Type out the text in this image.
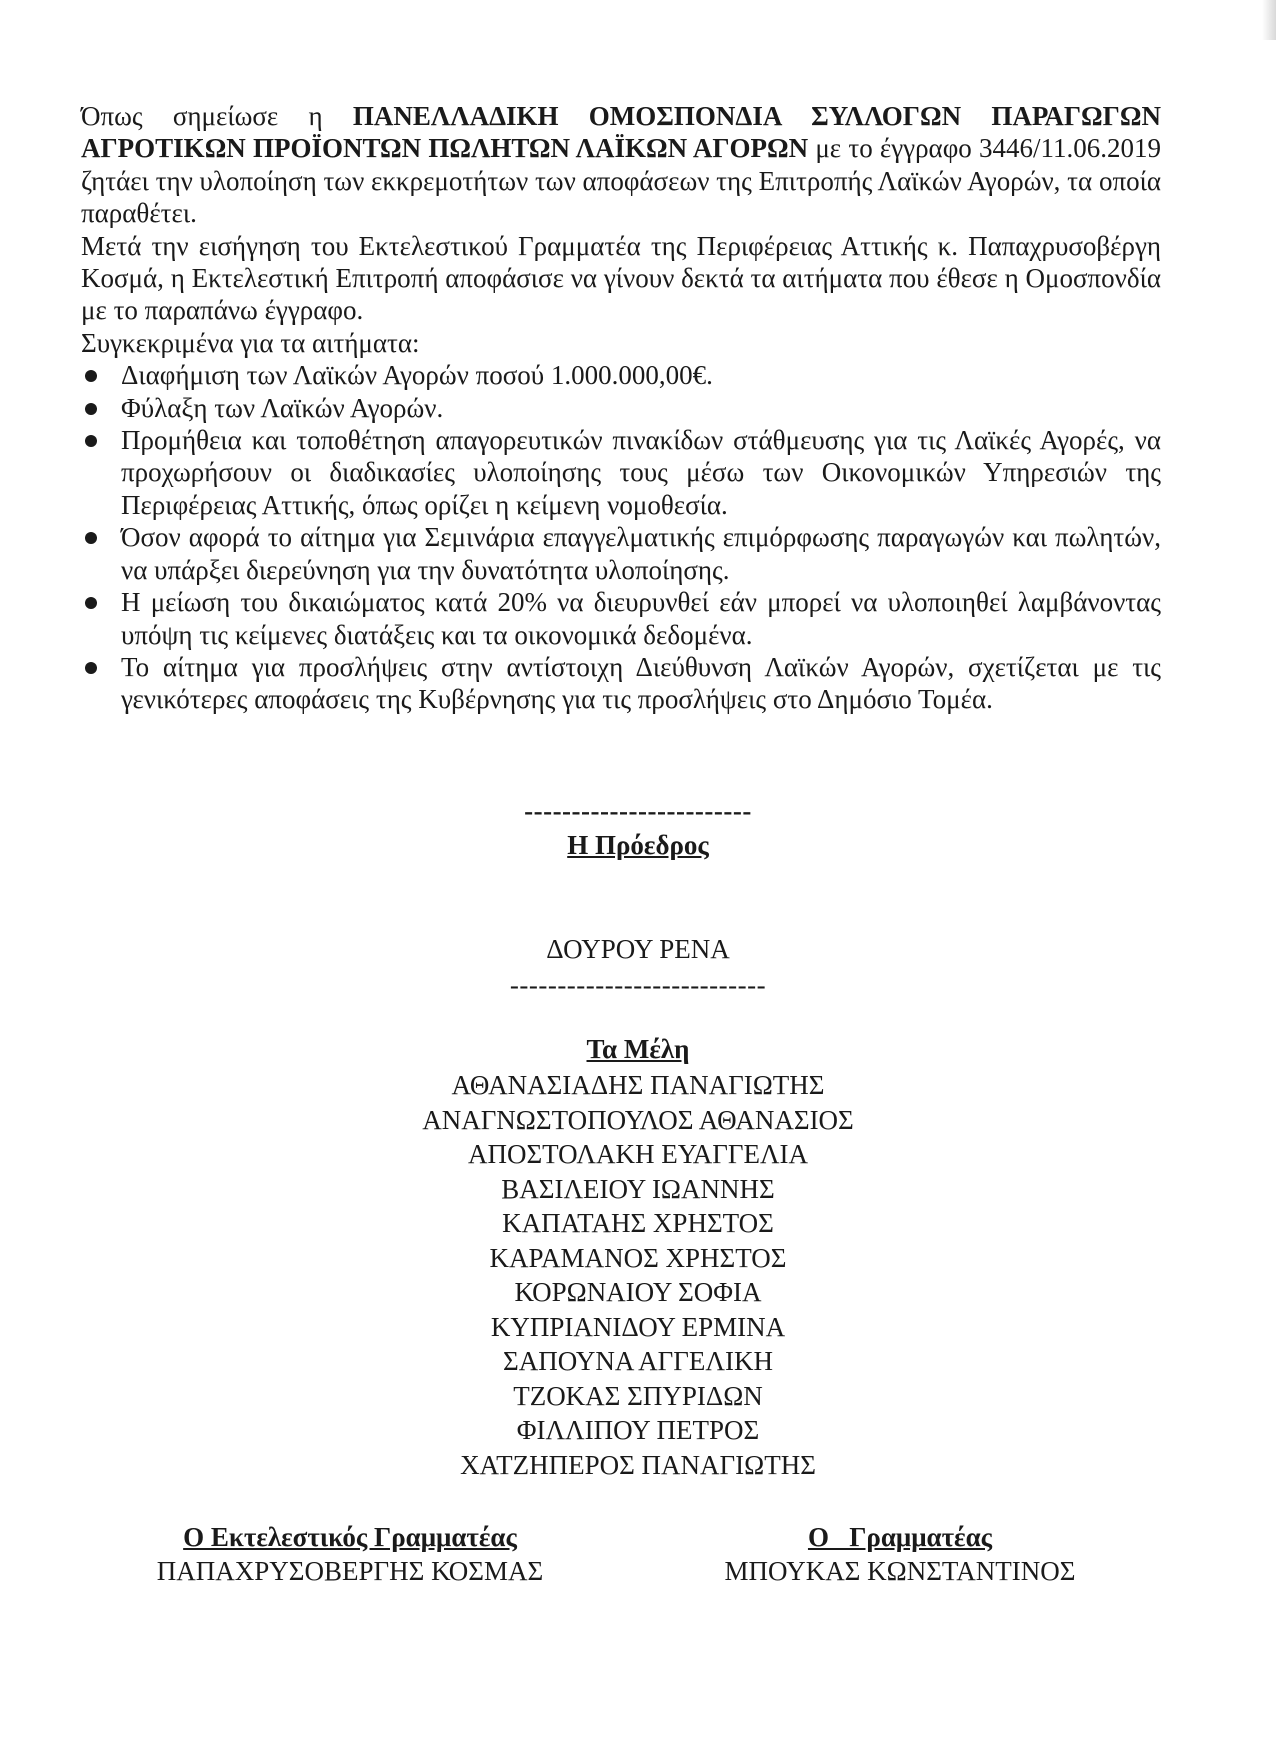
Όπως σημείωσε η ΠΑΝΕΛΛΑΔΙΚΗ ΟΜΟΣΠΟΝΔΙΑ ΣΥΛΛΟΓΩΝ ΠΑΡΑΓΩΓΩΝ ΑΓΡΟΤΙΚΩΝ ΠΡΟΪΟΝΤΩΝ ΠΩΛΗΤΩΝ ΛΑΪΚΩΝ ΑΓΟΡΩΝ με το έγγραφο 3446/11.06.2019 ζητάει την υλοποίηση των εκκρεμοτήτων των αποφάσεων της Επιτροπής Λαϊκών Αγορών, τα οποία παραθέτει.

Μετά την εισήγηση του Εκτελεστικού Γραμματέα της Περιφέρειας Αττικής κ. Παπαχρυσοβέργη Κοσμά, η Εκτελεστική Επιτροπή αποφάσισε να γίνουν δεκτά τα αιτήματα που έθεσε η Ομοσπονδία με το παραπάνω έγγραφο.

Συγκεκριμένα για τα αιτήματα:

Διαφήμιση των Λαϊκών Αγορών ποσού 1.000.000,00€.
Φύλαξη των Λαϊκών Αγορών.
Προμήθεια και τοποθέτηση απαγορευτικών πινακίδων στάθμευσης για τις Λαϊκές Αγορές, να προχωρήσουν οι διαδικασίες υλοποίησης τους μέσω των Οικονομικών Υπηρεσιών της Περιφέρειας Αττικής, όπως ορίζει η κείμενη νομοθεσία.
Όσον αφορά το αίτημα για Σεμινάρια επαγγελματικής επιμόρφωσης παραγωγών και πωλητών, να υπάρξει διερεύνηση για την δυνατότητα υλοποίησης.
Η μείωση του δικαιώματος κατά 20% να διευρυνθεί εάν μπορεί να υλοποιηθεί λαμβάνοντας υπόψη τις κείμενες διατάξεις και τα οικονομικά δεδομένα.
Το αίτημα για προσλήψεις στην αντίστοιχη Διεύθυνση Λαϊκών Αγορών, σχετίζεται με τις γενικότερες αποφάσεις της Κυβέρνησης για τις προσλήψεις στο Δημόσιο Τομέα.
------------------------
Η Πρόεδρος
ΔΟΥΡΟΥ ΡΕΝΑ
---------------------------
Τα Μέλη
ΑΘΑΝΑΣΙΑΔΗΣ ΠΑΝΑΓΙΩΤΗΣ
ΑΝΑΓΝΩΣΤΟΠΟΥΛΟΣ ΑΘΑΝΑΣΙΟΣ
ΑΠΟΣΤΟΛΑΚΗ ΕΥΑΓΓΕΛΙΑ
ΒΑΣΙΛΕΙΟΥ ΙΩΑΝΝΗΣ
ΚΑΠΑΤΑΗΣ ΧΡΗΣΤΟΣ
ΚΑΡΑΜΑΝΟΣ ΧΡΗΣΤΟΣ
ΚΟΡΩΝΑΙΟΥ ΣΟΦΙΑ
ΚΥΠΡΙΑΝΙΔΟΥ ΕΡΜΙΝΑ
ΣΑΠΟΥΝΑ ΑΓΓΕΛΙΚΗ
ΤΖΟΚΑΣ ΣΠΥΡΙΔΩΝ
ΦΙΛΛΙΠΟΥ ΠΕΤΡΟΣ
ΧΑΤΖΗΠΕΡΟΣ ΠΑΝΑΓΙΩΤΗΣ
Ο Εκτελεστικός Γραμματέας
ΠΑΠΑΧΡΥΣΟΒΕΡΓΗΣ ΚΟΣΜΑΣ
Ο   Γραμματέας
ΜΠΟΥΚΑΣ ΚΩΝΣΤΑΝΤΙΝΟΣ
